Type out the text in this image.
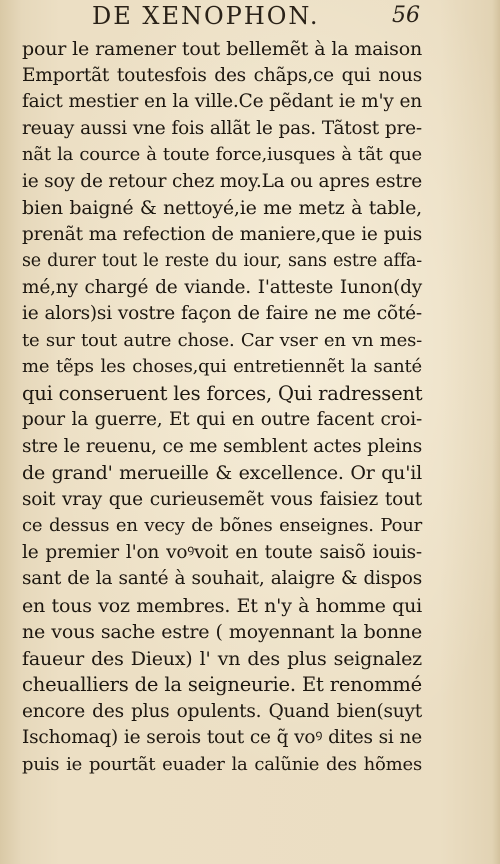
DE XENOPHON.	56
pour le ramener tout bellemẽt à la maison
Emportãt toutesfois des chãps,ce qui nous
faict mestier en la ville.Ce pẽdant ie m'y en
reuay aussi vne fois allãt le pas. Tãtost pre-
nãt la cource à toute force,iusques à tãt que
ie soy de retour chez moy.La ou apres estre
bien baigné & nettoyé,ie me metz à table,
prenãt ma refection de maniere,que ie puis
se durer tout le reste du iour, sans estre affa-
mé,ny chargé de viande. I'atteste Iunon(dy
ie alors)si vostre façon de faire ne me cõté-
te sur tout autre chose. Car vser en vn mes-
me tẽps les choses,qui entretiennẽt la santé
qui conseruent les forces, Qui radressent
pour la guerre, Et qui en outre facent croi-
stre le reuenu, ce me semblent actes pleins
de grand' merueille & excellence. Or qu'il
soit vray que curieusemẽt vous faisiez tout
ce dessus en vecy de bõnes enseignes. Pour
le premier l'on voꝰvoit en toute saisõ iouis-
sant de la santé à souhait, alaigre & dispos
en tous voz membres. Et n'y à homme qui
ne vous sache estre ( moyennant la bonne
faueur des Dieux) l' vn des plus seignalez
cheualliers de la seigneurie. Et renommé
encore des plus opulents. Quand bien(suyt
Ischomaq) ie serois tout ce q̃ voꝰ dites si ne
puis ie pourtãt euader la calũnie des hõmes
